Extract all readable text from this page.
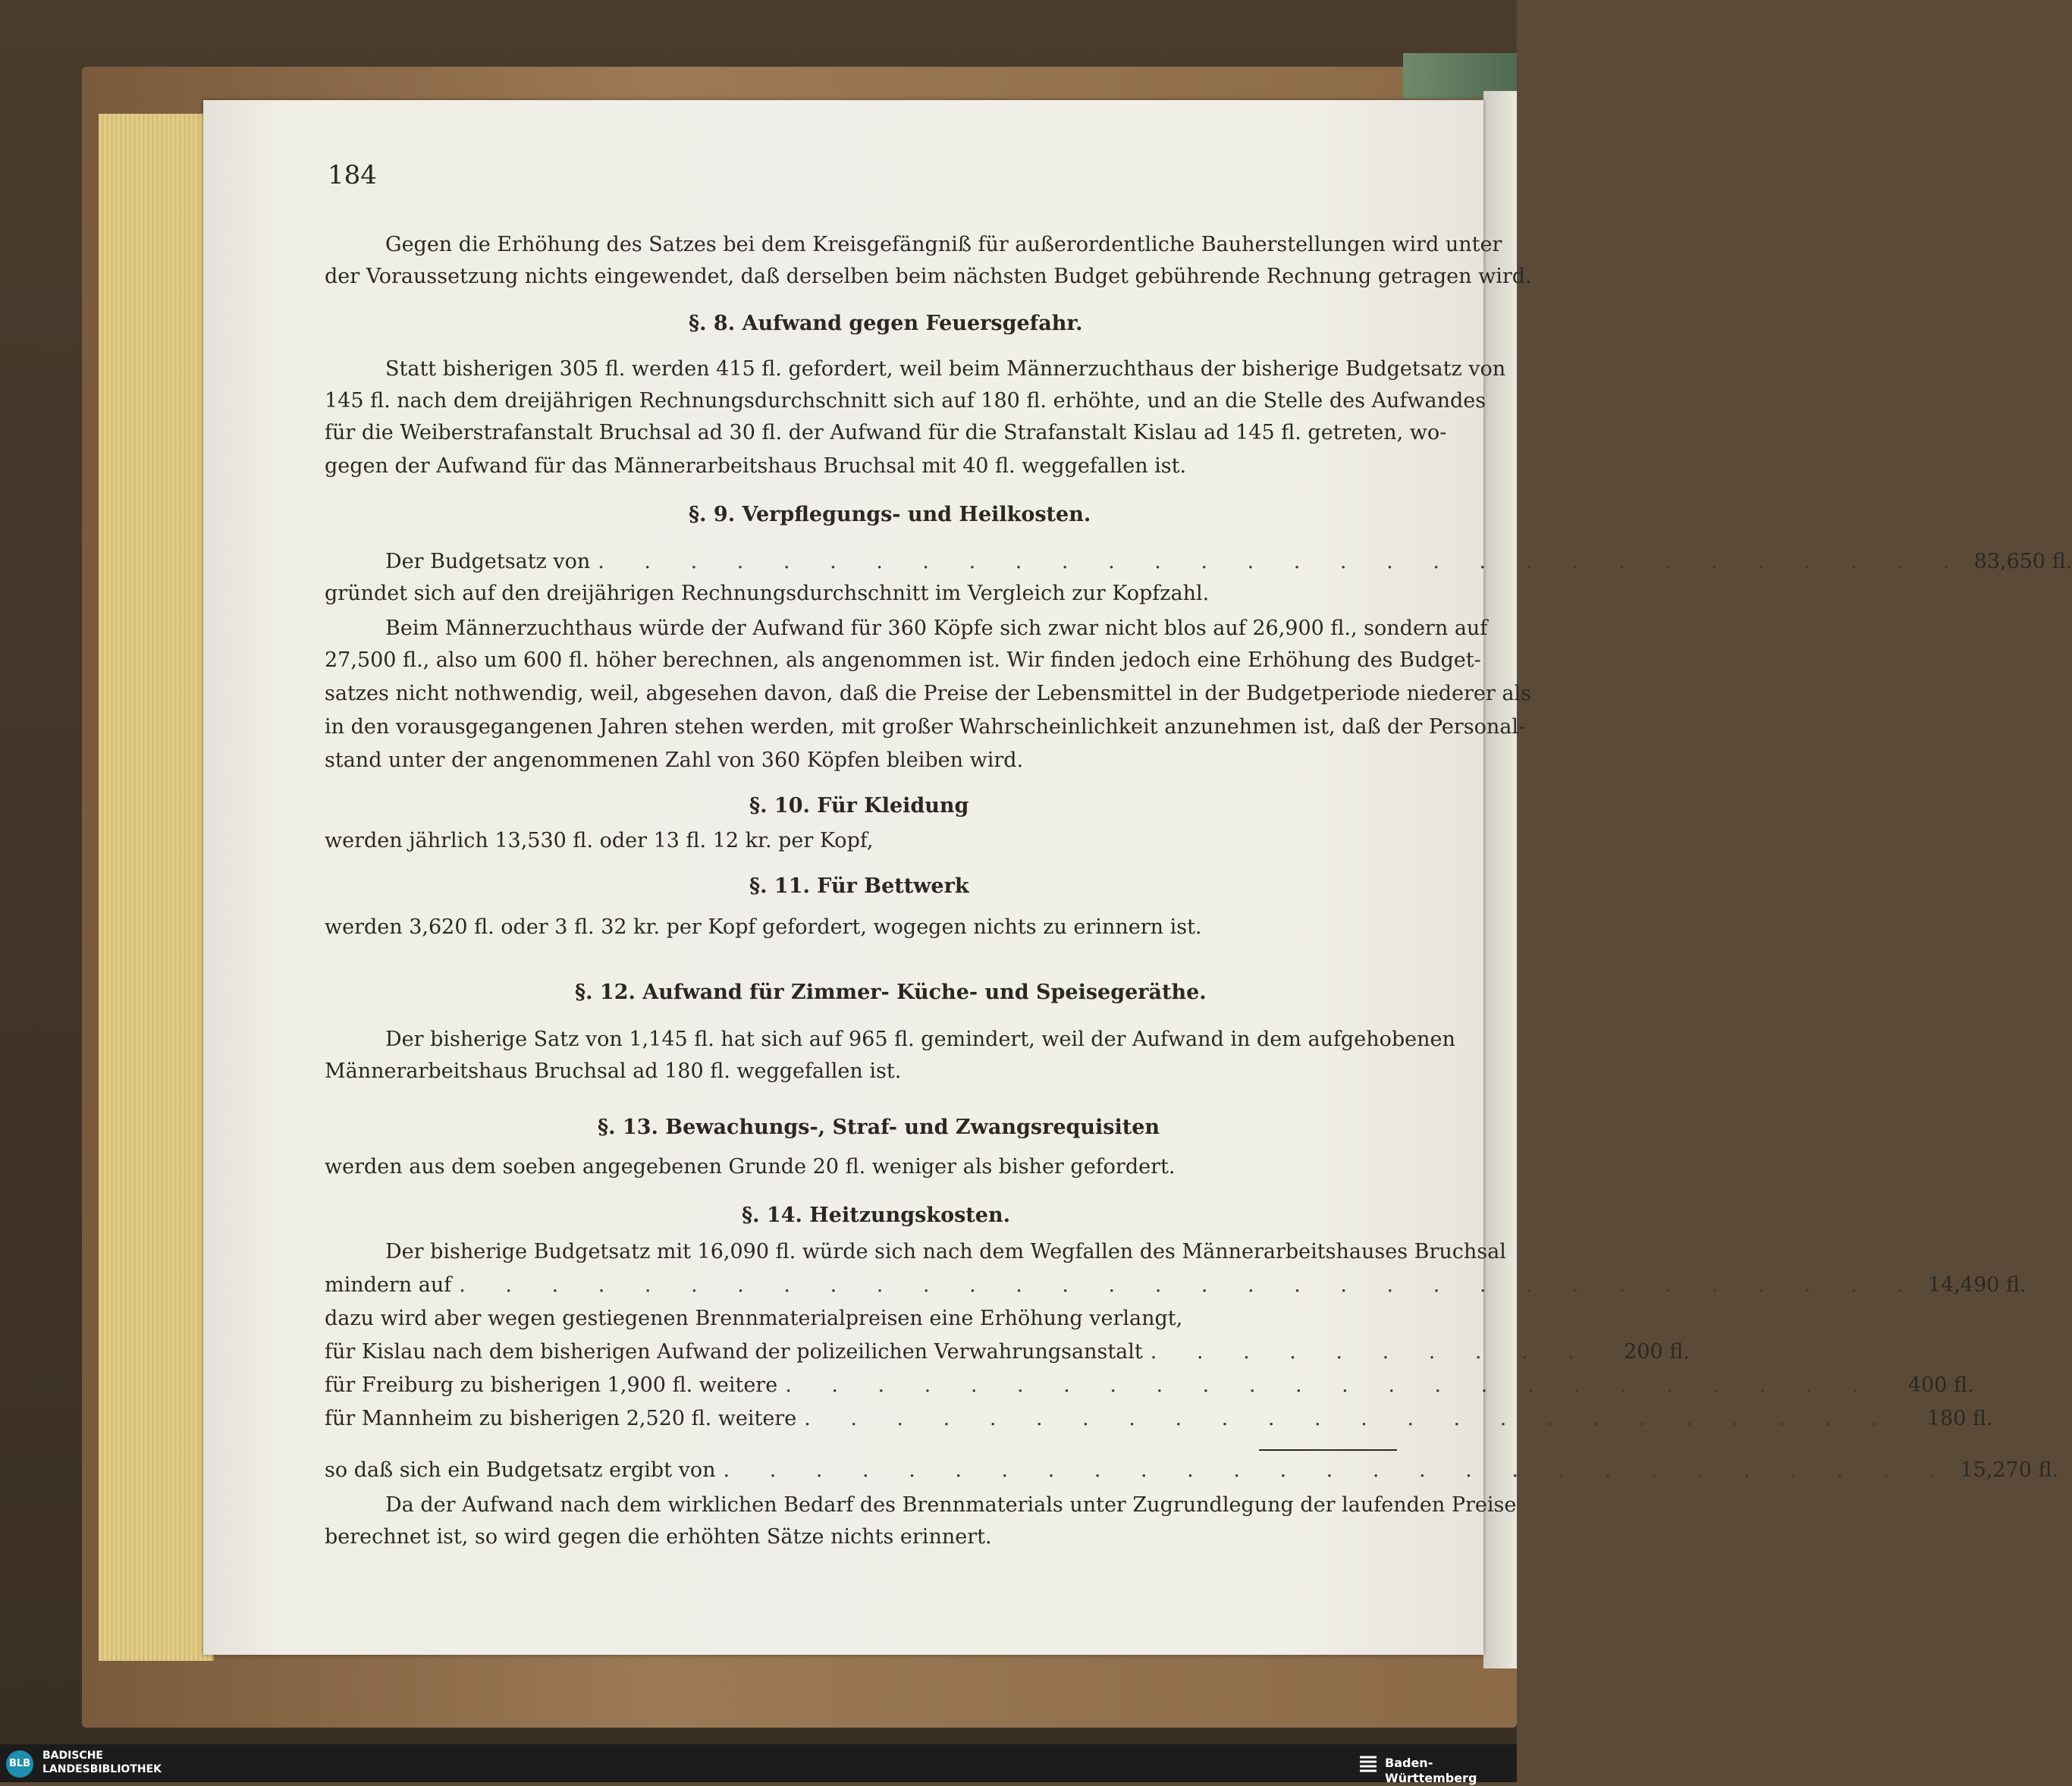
184

Gegen die Erhöhung des Satzes bei dem Kreisgefängniß für außerordentliche Bauherstellungen wird unter

der Voraussetzung nichts eingewendet, daß derselben beim nächsten Budget gebührende Rechnung getragen wird.

§. 8. Aufwand gegen Feuersgefahr.

Statt bisherigen 305 fl. werden 415 fl. gefordert, weil beim Männerzuchthaus der bisherige Budgetsatz von

145 fl. nach dem dreijährigen Rechnungsdurchschnitt sich auf 180 fl. erhöhte, und an die Stelle des Aufwandes

für die Weiberstrafanstalt Bruchsal ad 30 fl. der Aufwand für die Strafanstalt Kislau ad 145 fl. getreten, wo-

gegen der Aufwand für das Männerarbeitshaus Bruchsal mit 40 fl. weggefallen ist.

§. 9. Verpflegungs- und Heilkosten.

Der Budgetsatz von . . . . . . . . . . . . . . . . . . . . . . . . . . . . . . 83,650 fl.

gründet sich auf den dreijährigen Rechnungsdurchschnitt im Vergleich zur Kopfzahl.

Beim Männerzuchthaus würde der Aufwand für 360 Köpfe sich zwar nicht blos auf 26,900 fl., sondern auf

27,500 fl., also um 600 fl. höher berechnen, als angenommen ist. Wir finden jedoch eine Erhöhung des Budget-

satzes nicht nothwendig, weil, abgesehen davon, daß die Preise der Lebensmittel in der Budgetperiode niederer als

in den vorausgegangenen Jahren stehen werden, mit großer Wahrscheinlichkeit anzunehmen ist, daß der Personal-

stand unter der angenommenen Zahl von 360 Köpfen bleiben wird.

§. 10. Für Kleidung

werden jährlich 13,530 fl. oder 13 fl. 12 kr. per Kopf,

§. 11. Für Bettwerk

werden 3,620 fl. oder 3 fl. 32 kr. per Kopf gefordert, wogegen nichts zu erinnern ist.

§. 12. Aufwand für Zimmer- Küche- und Speisegeräthe.

Der bisherige Satz von 1,145 fl. hat sich auf 965 fl. gemindert, weil der Aufwand in dem aufgehobenen

Männerarbeitshaus Bruchsal ad 180 fl. weggefallen ist.

§. 13. Bewachungs-, Straf- und Zwangsrequisiten

werden aus dem soeben angegebenen Grunde 20 fl. weniger als bisher gefordert.

§. 14. Heitzungskosten.

Der bisherige Budgetsatz mit 16,090 fl. würde sich nach dem Wegfallen des Männerarbeitshauses Bruchsal

mindern auf . . . . . . . . . . . . . . . . . . . . . . . . . . . . . . . . 14,490 fl.

dazu wird aber wegen gestiegenen Brennmaterialpreisen eine Erhöhung verlangt,

für Kislau nach dem bisherigen Aufwand der polizeilichen Verwahrungsanstalt . . . . . . . . . .	200 fl.
für Freiburg zu bisherigen 1,900 fl. weitere . . . . . . . . . . . . . . . . . . . . . . . .	400 fl.
für Mannheim zu bisherigen 2,520 fl. weitere . . . . . . . . . . . . . . . . . . . . . . . .	180 fl.
so daß sich ein Budgetsatz ergibt von . . . . . . . . . . . . . . . . . . . . . . . . . . . 15,270 fl.

Da der Aufwand nach dem wirklichen Bedarf des Brennmaterials unter Zugrundlegung der laufenden Preise

berechnet ist, so wird gegen die erhöhten Sätze nichts erinnert.

BLB
BADISCHE
LANDESBIBLIOTHEK	Baden-Württemberg
